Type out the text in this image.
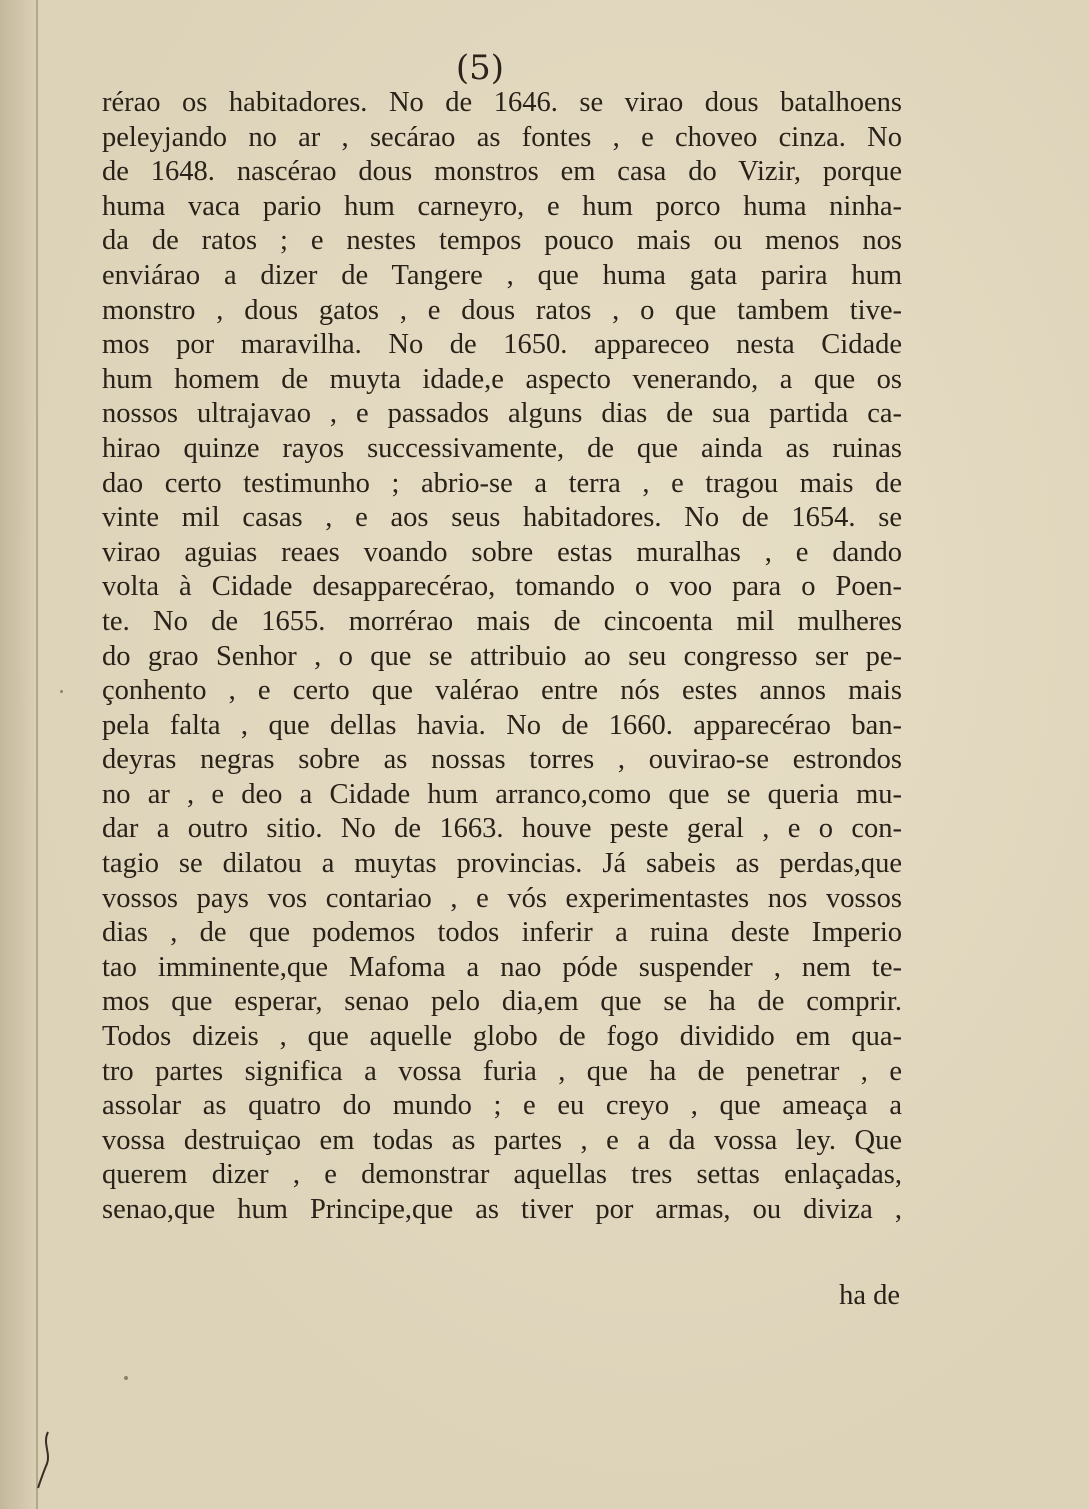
(5)
rérao os habitadores. No de 1646. se virao dous batalhoens
peleyjando no ar , secárao as fontes , e choveo cinza. No
de 1648. nascérao dous monstros em casa do Vizir, porque
huma vaca pario hum carneyro, e hum porco huma ninha-
da de ratos ; e nestes tempos pouco mais ou menos nos
enviárao a dizer de Tangere , que huma gata parira hum
monstro , dous gatos , e dous ratos , o que tambem tive-
mos por maravilha. No de 1650. appareceo nesta Cidade
hum homem de muyta idade,e aspecto venerando, a que os
nossos ultrajavao , e passados alguns dias de sua partida ca-
hirao quinze rayos successivamente, de que ainda as ruinas
dao certo testimunho ; abrio-se a terra , e tragou mais de
vinte mil casas , e aos seus habitadores. No de 1654. se
virao aguias reaes voando sobre estas muralhas , e dando
volta à Cidade desapparecérao, tomando o voo para o Poen-
te. No de 1655. morrérao mais de cincoenta mil mulheres
do grao Senhor , o que se attribuio ao seu congresso ser pe-
çonhento , e certo que valérao entre nós estes annos mais
pela falta , que dellas havia. No de 1660. apparecérao ban-
deyras negras sobre as nossas torres , ouvirao-se estrondos
no ar , e deo a Cidade hum arranco,como que se queria mu-
dar a outro sitio. No de 1663. houve peste geral , e o con-
tagio se dilatou a muytas provincias. Já sabeis as perdas,que
vossos pays vos contariao , e vós experimentastes nos vossos
dias , de que podemos todos inferir a ruina deste Imperio
tao imminente,que Mafoma a nao póde suspender , nem te-
mos que esperar, senao pelo dia,em que se ha de comprir.
Todos dizeis , que aquelle globo de fogo dividido em qua-
tro partes significa a vossa furia , que ha de penetrar , e
assolar as quatro do mundo ; e eu creyo , que ameaça a
vossa destruiçao em todas as partes , e a da vossa ley. Que
querem dizer , e demonstrar aquellas tres settas enlaçadas,
senao,que hum Principe,que as tiver por armas, ou diviza ,
ha de
